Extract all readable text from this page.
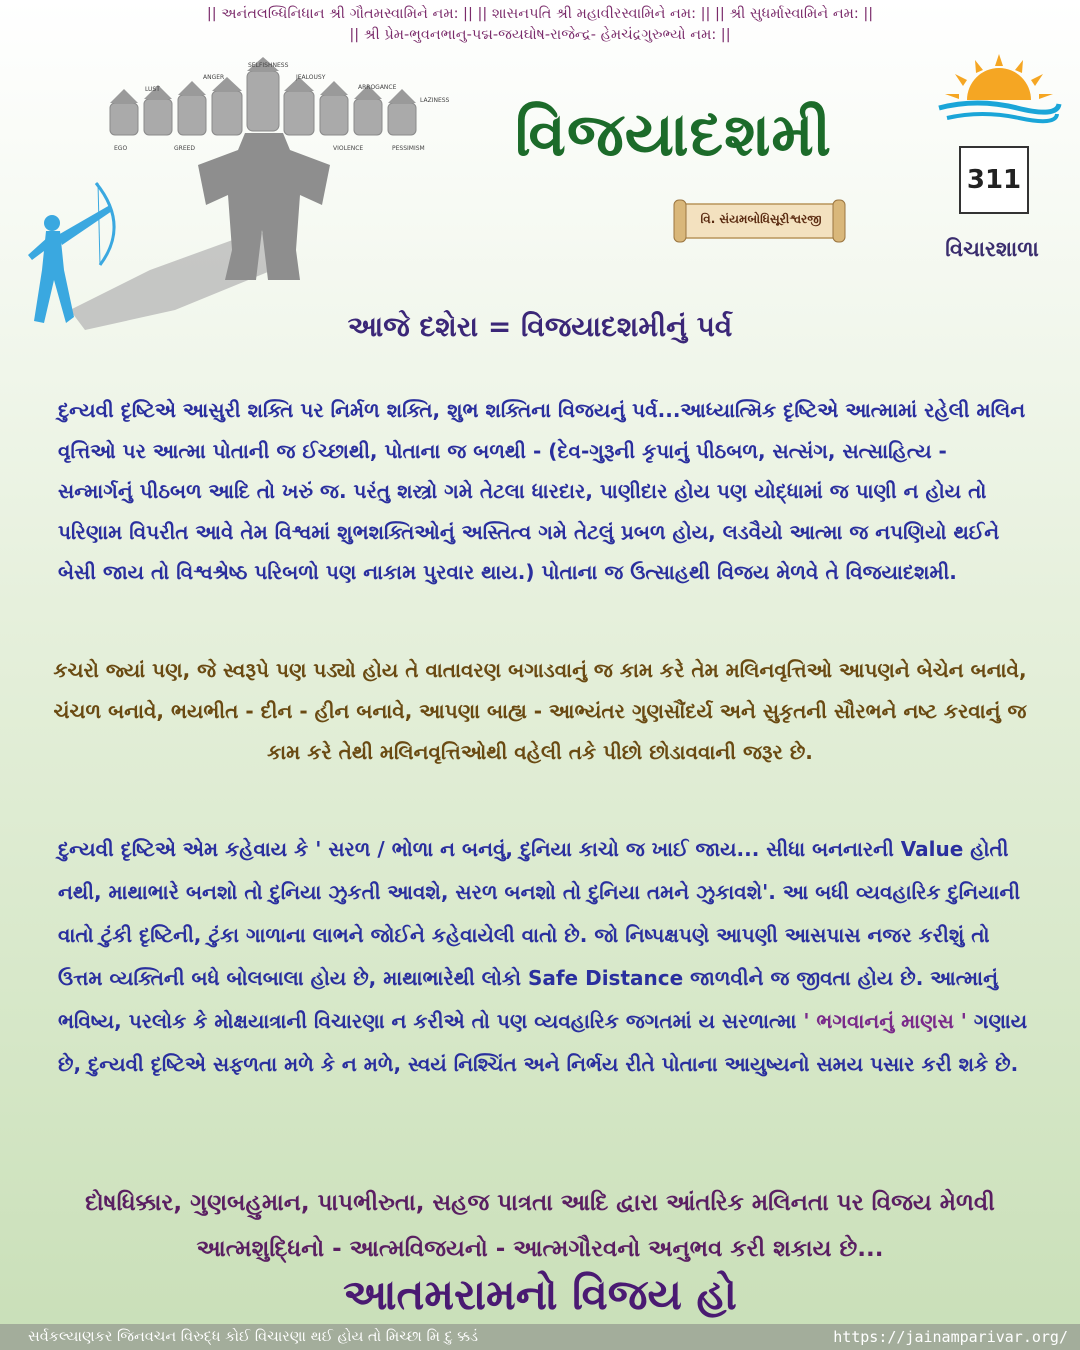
|| અનંતલબ્ધિનિધાન શ્રી ગૌતમસ્વામિને નમ: || || શાસનપતિ શ્રી મહાવીરસ્વામિને નમ: || || શ્રી સુધર્માસ્વામિને નમ: ||
|| શ્રી પ્રેમ-ભુવનભાનુ-પદ્મ-જયઘોષ-રાજેન્દ્ર- હેમચંદ્રગુરુભ્યો નમ: ||
SELFISHNESS
LUST
ANGER	JEALOUSY
ARROGANCE
LAZINESS
EGO	GREED	VIOLENCE	PESSIMISM વિજયાદશમી
વિ. સંયમબોધિસૂરીશ્વરજી
311
વિચારશાળા
આજે દશેરા = વિજયાદશમીનું પર્વ

દુન્યવી દૃષ્ટિએ આસુરી શક્તિ પર નિર્મળ શક્તિ, શુભ શક્તિના વિજયનું પર્વ...આધ્યાત્મિક દૃષ્ટિએ આત્મામાં રહેલી મલિન વૃત્તિઓ પર આત્મા પોતાની જ ઈચ્છાથી, પોતાના જ બળથી - (દેવ-ગુરૂની કૃપાનું પીઠબળ, સત્સંગ, સત્સાહિત્ય - સન્માર્ગનું પીઠબળ આદિ તો ખરું જ. પરંતુ શસ્ત્રો ગમે તેટલા ધારદાર, પાણીદાર હોય પણ યોદ્ધામાં જ પાણી ન હોય તો પરિણામ વિપરીત આવે તેમ વિશ્વમાં શુભશક્તિઓનું અસ્તિત્વ ગમે તેટલું પ્રબળ હોય, લડવૈયો આત્મા જ નપણિયો થઈને બેસી જાય તો વિશ્વશ્રેષ્ઠ પરિબળો પણ નાકામ પુરવાર થાય.) પોતાના જ ઉત્સાહથી વિજય મેળવે તે વિજયાદશમી.

કચરો જ્યાં પણ, જે સ્વરૂપે પણ પડ્યો હોય તે વાતાવરણ બગાડવાનું જ કામ કરે તેમ મલિનવૃત્તિઓ આપણને બેચેન બનાવે, ચંચળ બનાવે, ભયભીત - દીન - હીન બનાવે, આપણા બાહ્ય - આભ્યંતર ગુણસૌંદર્ય અને સુકૃતની સૌરભને નષ્ટ કરવાનું જ કામ કરે તેથી મલિનવૃત્તિઓથી વહેલી તકે પીછો છોડાવવાની જરૂર છે.

દુન્યવી દૃષ્ટિએ એમ કહેવાય કે ' સરળ / ભોળા ન બનવું, દુનિયા કાચો જ ખાઈ જાય... સીધા બનનારની Value હોતી નથી, માથાભારે બનશો તો દુનિયા ઝુકતી આવશે, સરળ બનશો તો દુનિયા તમને ઝુકાવશે'. આ બધી વ્યવહારિક દુનિયાની વાતો ટુંકી દૃષ્ટિની, ટુંકા ગાળાના લાભને જોઈને કહેવાયેલી વાતો છે. જો નિષ્પક્ષપણે આપણી આસપાસ નજર કરીશું તો ઉત્તમ વ્યક્તિની બધે બોલબાલા હોય છે, માથાભારેથી લોકો Safe Distance જાળવીને જ જીવતા હોય છે. આત્માનું ભવિષ્ય, પરલોક કે મોક્ષયાત્રાની વિચારણા ન કરીએ તો પણ વ્યવહારિક જગતમાં ય સરળાત્મા ' ભગવાનનું માણસ ' ગણાય છે, દુન્યવી દૃષ્ટિએ સફળતા મળે કે ન મળે, સ્વયં નિશ્ચિંત અને નિર્ભય રીતે પોતાના આયુષ્યનો સમય પસાર કરી શકે છે.

દોષધિક્કાર, ગુણબહુમાન, પાપભીરુતા, સહજ પાત્રતા આદિ દ્વારા આંતરિક મલિનતા પર વિજય મેળવી આત્મશુદ્ધિનો - આત્મવિજયનો - આત્મગૌરવનો અનુભવ કરી શકાય છે...

આતમરામનો વિજય હો
સર્વકલ્યાણકર જિનવચન વિરુદ્ધ કોઈ વિચારણા થઈ હોય તો મિચ્છા મિ દુ ક્કડં	https://jainamparivar.org/
